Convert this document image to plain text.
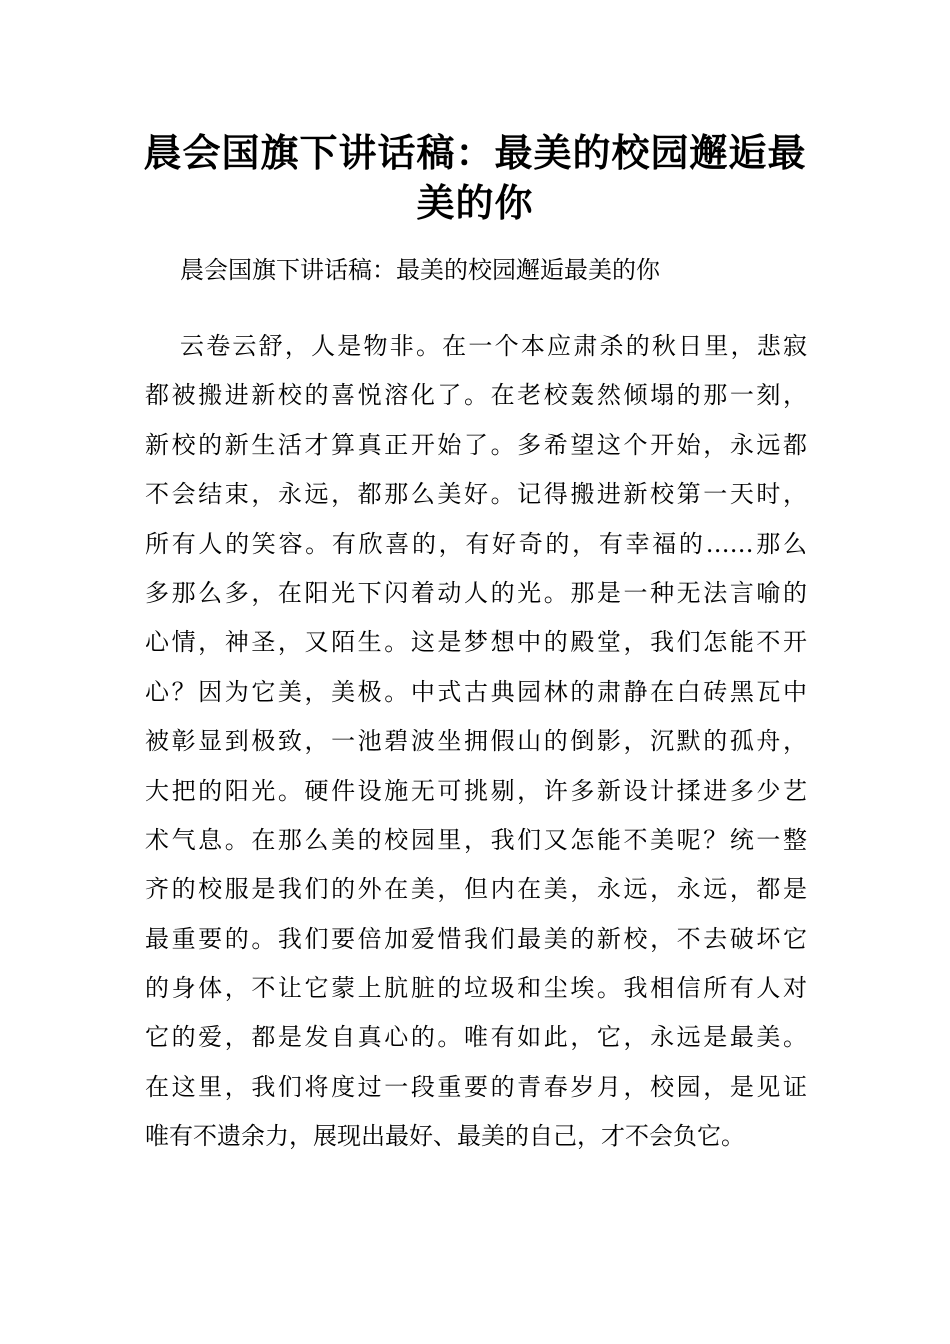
晨会国旗下讲话稿：最美的校园邂逅最
美的你

晨会国旗下讲话稿：最美的校园邂逅最美的你

云卷云舒，人是物非。在一个本应肃杀的秋日里，悲寂
都被搬进新校的喜悦溶化了。在老校轰然倾塌的那一刻，
新校的新生活才算真正开始了。多希望这个开始，永远都
不会结束，永远，都那么美好。记得搬进新校第一天时，
所有人的笑容。有欣喜的，有好奇的，有幸福的……那么
多那么多，在阳光下闪着动人的光。那是一种无法言喻的
心情，神圣，又陌生。这是梦想中的殿堂，我们怎能不开
心？因为它美，美极。中式古典园林的肃静在白砖黑瓦中
被彰显到极致，一池碧波坐拥假山的倒影，沉默的孤舟，
大把的阳光。硬件设施无可挑剔，许多新设计揉进多少艺
术气息。在那么美的校园里，我们又怎能不美呢？统一整
齐的校服是我们的外在美，但内在美，永远，永远，都是
最重要的。我们要倍加爱惜我们最美的新校，不去破坏它
的身体，不让它蒙上肮脏的垃圾和尘埃。我相信所有人对
它的爱，都是发自真心的。唯有如此，它，永远是最美。
在这里，我们将度过一段重要的青春岁月，校园，是见证
唯有不遗余力，展现出最好、最美的自己，才不会负它。
